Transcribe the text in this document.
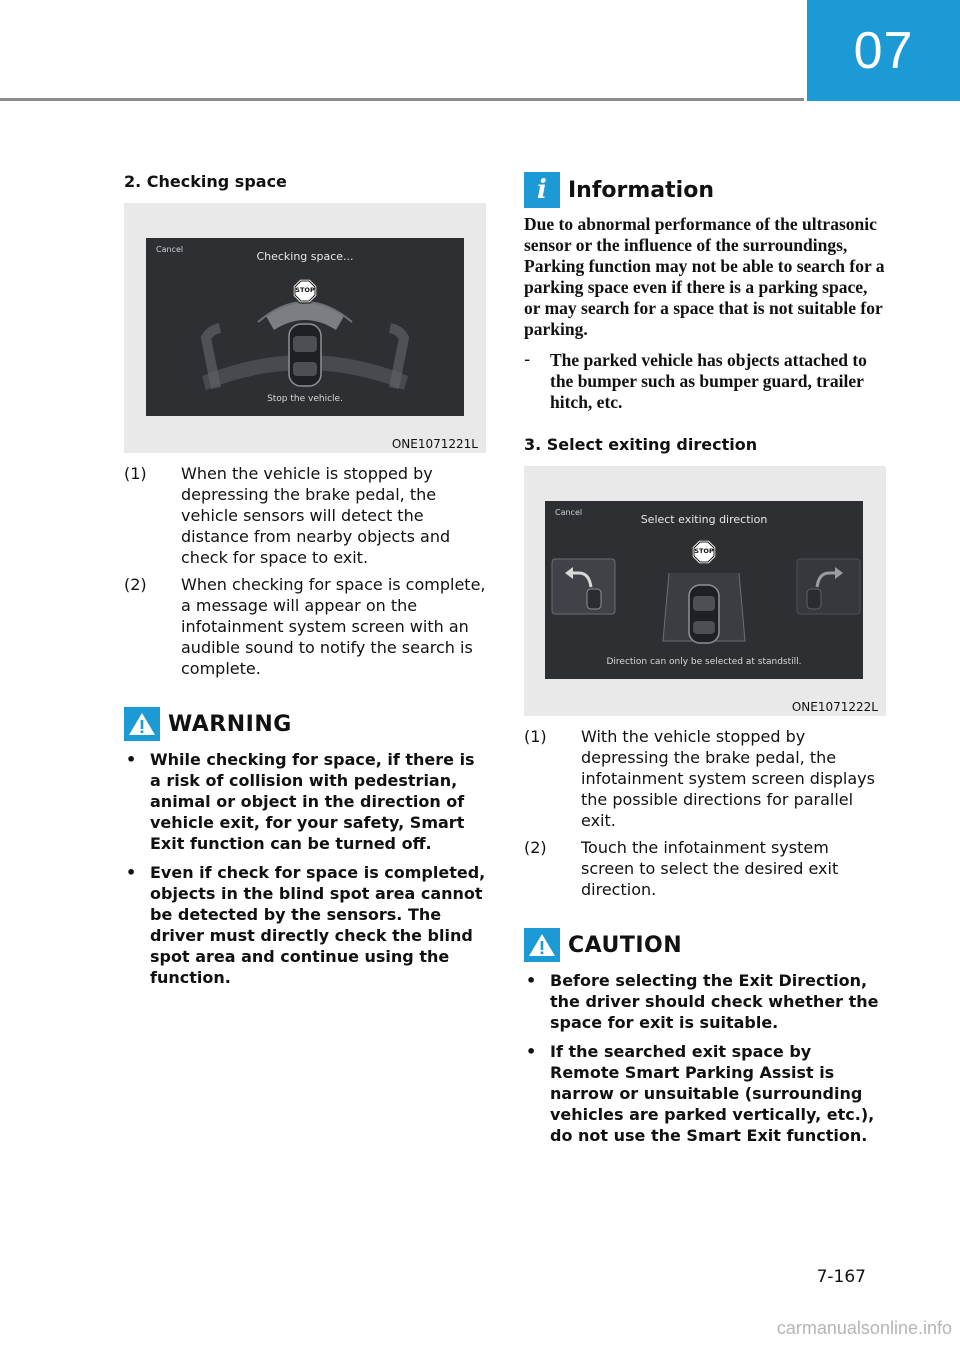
07

2. Checking space

Cancel
Checking space...
STOP
Stop the vehicle.
ONE1071221L
(1)	When the vehicle is stopped by depressing the brake pedal, the vehicle sensors will detect the distance from nearby objects and check for space to exit.
(2)	When checking for space is complete, a message will appear on the infotainment system screen with an audible sound to notify the search is complete.
WARNING
• While checking for space, if there is a risk of collision with pedestrian, animal or object in the direction of vehicle exit, for your safety, Smart Exit function can be turned off.
• Even if check for space is completed, objects in the blind spot area cannot be detected by the sensors. The driver must directly check the blind spot area and continue using the function.
i Information

Due to abnormal performance of the ultrasonic sensor or the influence of the surroundings, Parking function may not be able to search for a parking space even if there is a parking space, or may search for a space that is not suitable for parking.

- The parked vehicle has objects attached to the bumper such as bumper guard, trailer hitch, etc.

3. Select exiting direction

Cancel
Select exiting direction
STOP
Direction can only be selected at standstill.
ONE1071222L
(1)	With the vehicle stopped by depressing the brake pedal, the infotainment system screen displays the possible directions for parallel exit.
(2)	Touch the infotainment system screen to select the desired exit direction.
CAUTION
• Before selecting the Exit Direction, the driver should check whether the space for exit is suitable.
• If the searched exit space by Remote Smart Parking Assist is narrow or unsuitable (surrounding vehicles are parked vertically, etc.), do not use the Smart Exit function.
7-167
carmanualsonline.info
